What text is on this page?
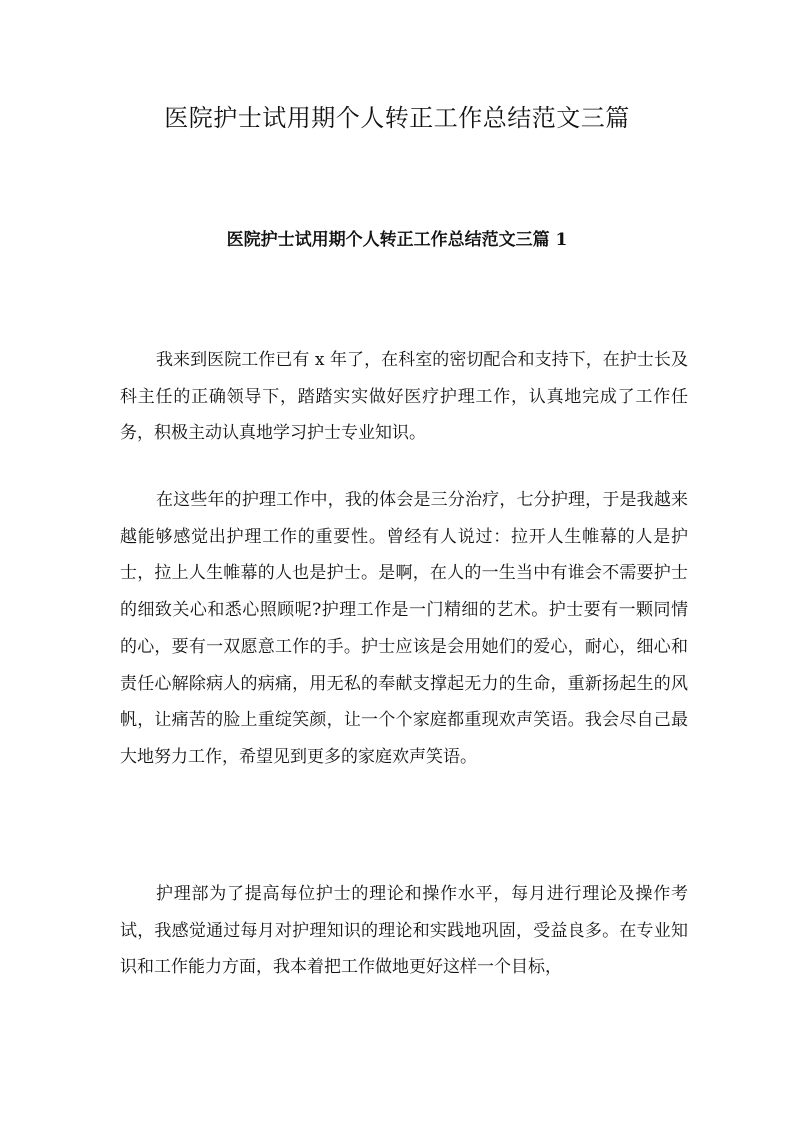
医院护士试用期个人转正工作总结范文三篇
医院护士试用期个人转正工作总结范文三篇 1

我来到医院工作已有 x 年了，在科室的密切配合和支持下，在护士长及科主任的正确领导下，踏踏实实做好医疗护理工作，认真地完成了工作任务，积极主动认真地学习护士专业知识。

在这些年的护理工作中，我的体会是三分治疗，七分护理，于是我越来越能够感觉出护理工作的重要性。曾经有人说过：拉开人生帷幕的人是护士，拉上人生帷幕的人也是护士。是啊，在人的一生当中有谁会不需要护士的细致关心和悉心照顾呢?护理工作是一门精细的艺术。护士要有一颗同情的心，要有一双愿意工作的手。护士应该是会用她们的爱心，耐心，细心和责任心解除病人的病痛，用无私的奉献支撑起无力的生命，重新扬起生的风帆，让痛苦的脸上重绽笑颜，让一个个家庭都重现欢声笑语。我会尽自己最大地努力工作，希望见到更多的家庭欢声笑语。

护理部为了提高每位护士的理论和操作水平，每月进行理论及操作考试，我感觉通过每月对护理知识的理论和实践地巩固，受益良多。在专业知识和工作能力方面，我本着把工作做地更好这样一个目标，
